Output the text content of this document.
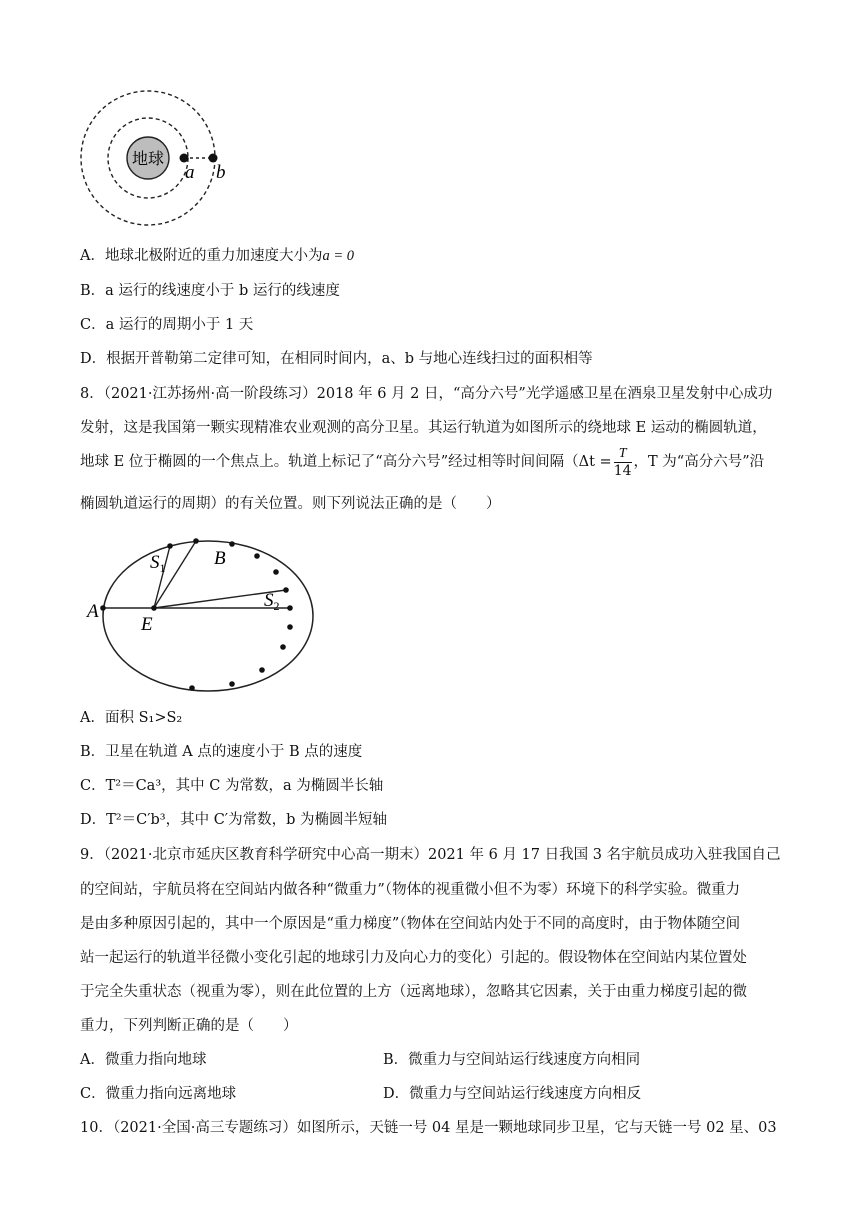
地球
a b
A．地球北极附近的重力加速度大小为a = 0
B．a 运行的线速度小于 b 运行的线速度
C．a 运行的周期小于 1 天
D．根据开普勒第二定律可知，在相同时间内，a、b 与地心连线扫过的面积相等
8．（2021·江苏扬州·高一阶段练习）2018 年 6 月 2 日，“高分六号”光学遥感卫星在酒泉卫星发射中心成功
发射，这是我国第一颗实现精准农业观测的高分卫星。其运行轨道为如图所示的绕地球 E 运动的椭圆轨道，
地球 E 位于椭圆的一个焦点上。轨道上标记了“高分六号”经过相等时间间隔（$\Delta t = \frac{T}{14}$ ，T 为“高分六号”沿
椭圆轨道运行的周期）的有关位置。则下列说法正确的是（　　）
A
B
E
$S_1$
$S_2$
A．面积 S₁>S₂
B．卫星在轨道 A 点的速度小于 B 点的速度
C．T²＝Ca³，其中 C 为常数，a 为椭圆半长轴
D．T²＝C′b³，其中 C′为常数，b 为椭圆半短轴
9．（2021·北京市延庆区教育科学研究中心高一期末）2021 年 6 月 17 日我国 3 名宇航员成功入驻我国自己
的空间站，宇航员将在空间站内做各种“微重力”（物体的视重微小但不为零）环境下的科学实验。微重力
是由多种原因引起的，其中一个原因是“重力梯度”（物体在空间站内处于不同的高度时，由于物体随空间
站一起运行的轨道半径微小变化引起的地球引力及向心力的变化）引起的。假设物体在空间站内某位置处
于完全失重状态（视重为零），则在此位置的上方（远离地球），忽略其它因素，关于由重力梯度引起的微
重力，下列判断正确的是（　　）
A．微重力指向地球	B．微重力与空间站运行线速度方向相同
C．微重力指向远离地球	D．微重力与空间站运行线速度方向相反
10．（2021·全国·高三专题练习）如图所示，天链一号 04 星是一颗地球同步卫星，它与天链一号 02 星、03
